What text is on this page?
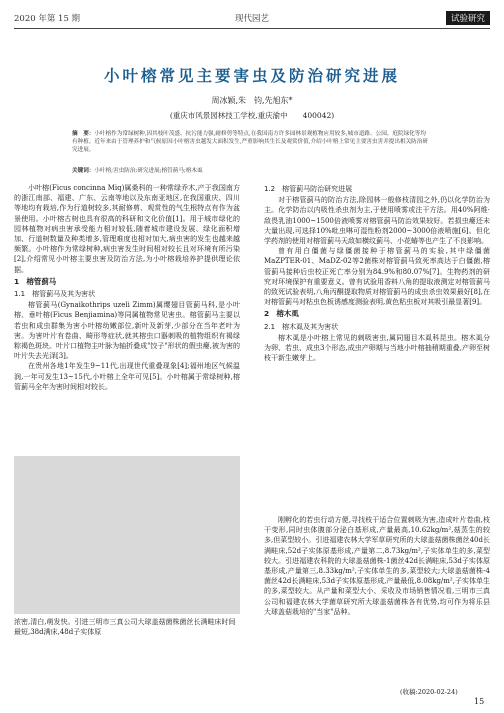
2020 年第 15 期	现代园艺	试验研究
小叶榕常见主要害虫及防治研究进展
周冰颖,朱　钧,先旭东*
(重庆市风景园林技工学校,重庆渝中　　400042)
摘　要：小叶榕作为常绿树种,因其枝叶茂盛、抗污能力强,耐修剪等特点,在我国南方许多园林景观植物应用较多,城市道路、公园、庭院绿化等均有种植。近年来由于管理养护和气候原因小叶榕害虫越发大面积发生,严重影响其生长及观赏价值,介绍小叶榕上常见主要害虫害并提出相关防治研究进展。
关键词：小叶榕;害虫防治;研究进展;榕管蓟马;榕木虱

小叶榕(Ficus concinna Miq)属桑科的一种常绿乔木,产于我国南方的浙江南部、福建、广东、云南等地以及东南亚地区,在我国重庆、四川等地均有栽培,作为行道树较多,其耐修剪、观赏性的气生根特点有作为盆景使用。小叶榕古树也具有很高的科研和文化价值[1]。用于城市绿化的园林植物对病虫害承受能力相对较低,随着城市建设发展、绿化面积增加、行道树数量及种类增多,管理难度也相对加大,病虫害的发生也越来越频繁。小叶榕作为常绿树种,病虫害发生时间相对较长且对环境有所污染[2],介绍常见小叶榕主要虫害及防治方法,为小叶榕栽培养护提供理论依据。

1　榕管蓟马
1.1　榕管蓟马及其为害状

榕管蓟马(Gynaikothrips uzeli Zimm)属缨翅目管蓟马科,是小叶榕、垂叶榕(Ficus Benjiamina)等同属植物常见害虫。榕管蓟马主要以若虫和成虫群集为害小叶榕幼嫩部位,新叶及新芽,少部分在当年老叶为害。为害叶片有卷曲、畸形等症状,就其榕虫口器刺吸的植物组织有褐绿粽褐色斑块。叶片口植物主叶脉为轴折叠成"饺子"形状的假虫瘿,被为害的叶片失去光泽[3]。

在贵州各地1年发生9~11代,出现世代重叠现象[4];福州地区气候温润,一年可发生13~15代,小叶榕上全年可见[5]。小叶榕属于常绿树种,榕管蓟马全年为害时间相对较长。

1.2　榕管蓟马防治研究进展

对于榕管蓟马的防治方法,除园林一般修枝清园之外,仍以化学防治为主。化学防治以内吸性杀虫剂为主,于使用喷雾或注干方法。用40%阿维·敌畏乳油1000~1500倍液喷雾对榕管蓟马防治效果较好。若损虫瘿还未大量出现,可选择10%吡虫啉可湿性粉剂2000~3000倍液喷施[6]。但化学药剂的使用对榕管蓟马天敌如横纹蓟马、小花蝽等也产生了不良影响。

曾有用白僵菌与绿僵菌接种于榕管蓟马的实验,其中绿僵菌MaZPTER-01、MaDZ-02等2菌株对榕管蓟马致死率高达于白僵菌,榕管蓟马接种后虫校正死亡率分别为84.9%和80.07%[7]。生物药剂的研究对环境保护有重要意义。曾有试验用香料八角的提取液测定对榕管蓟马的致死试验表明,八角丙酮提取物质对榕管蓟马的成虫杀虫效果最好[8],在对榕管蓟马对粘虫色板诱感度测验表明,黄色粘虫板对其吸引最显著[9]。

2　榕木虱
2.1　榕木虱及其为害状

榕木虱是小叶榕上常见的刺吸害虫,属同翅目木虱科昆虫。榕木虱分为卵、若虫、成虫3个形态,成虫产卵期与当地小叶榕抽稍期重叠,产卵至树枝干新生嫩芽上。

浓密,清白,萌发快。引进三明市三真公司大球盖菇菌株菌丝长满畦床时间最短,38d满床,48d子实体原

刚孵化的若虫行动方便,寻找枝干适合位置刺吸为害,造成叶片卷曲,枝干变形,同时虫体腹部分泌白基形成,产量最高,10.62kg/m²,菇蒸生的较多,但菜型较小。引进福建农林大学军草研究所的大球盖菇菌株菌丝40d长满畦床,52d子实体原基形成,产量第二,8.73kg/m²,子实体单生的多,菜型较大。引进福建农科院的大球盖菇菌株-1菌丝42d长满畦床,53d子实体原基形成,产量第三,8.33kg/m²,子实体单生的多,菜型较大;大球盖菇菌株-4菌丝42d长满畦床,53d子实体原基形成,产量最低,8.08kg/m²,子实体单生的多,菜型较大。从产量和菜型大小、采收及市场销售情况看,三明市三真公司和福建农林大学菌草研究所大球盖菇菌株各有优势,均可作为将乐县大球盖菇栽培的"当家"品种。

(收稿:2020-02-24)
15
